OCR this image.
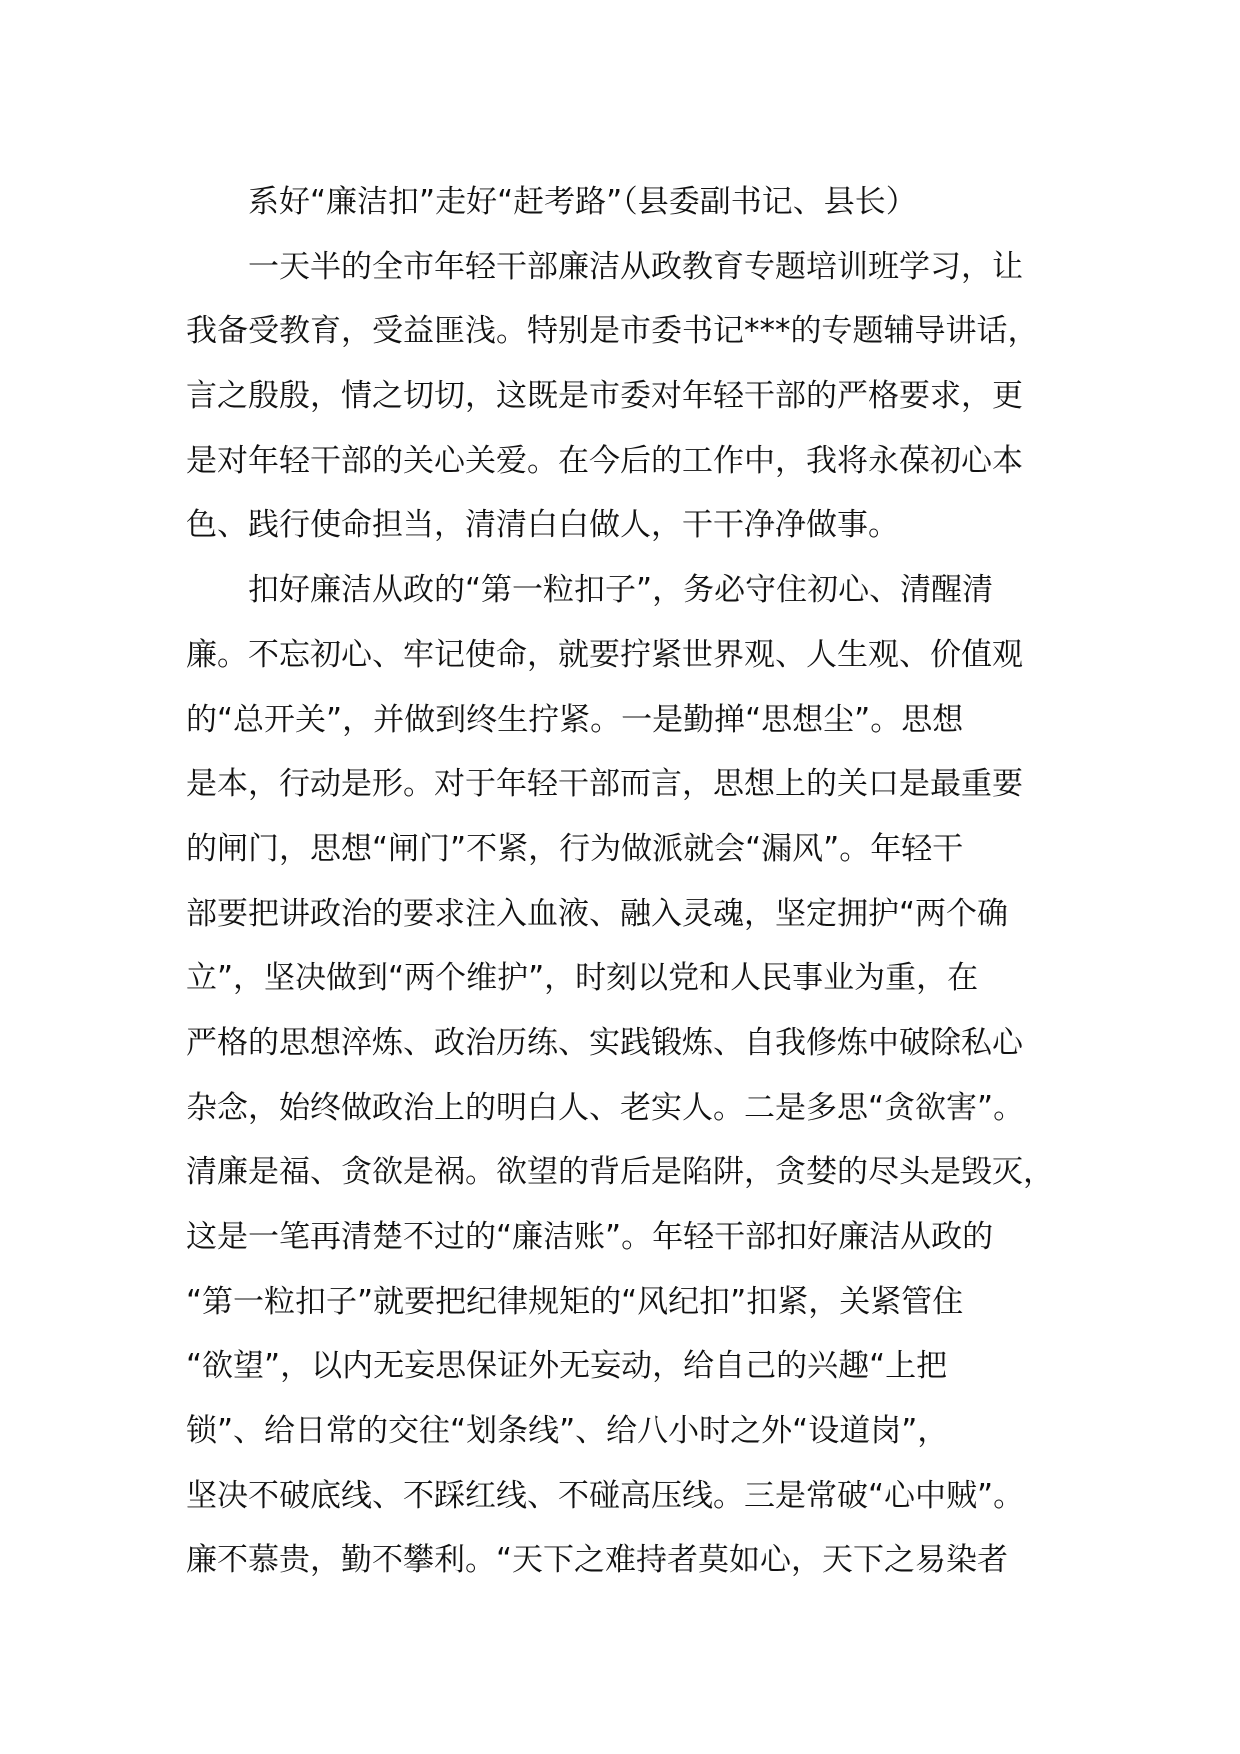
系好“廉洁扣”走好“赶考路”（县委副书记、县长）
一天半的全市年轻干部廉洁从政教育专题培训班学习，让
我备受教育，受益匪浅。特别是市委书记***的专题辅导讲话，
言之殷殷，情之切切，这既是市委对年轻干部的严格要求，更
是对年轻干部的关心关爱。在今后的工作中，我将永葆初心本
色、践行使命担当，清清白白做人，干干净净做事。
扣好廉洁从政的“第一粒扣子”，务必守住初心、清醒清
廉。不忘初心、牢记使命，就要拧紧世界观、人生观、价值观
的“总开关”，并做到终生拧紧。一是勤掸“思想尘”。思想
是本，行动是形。对于年轻干部而言，思想上的关口是最重要
的闸门，思想“闸门”不紧，行为做派就会“漏风”。年轻干
部要把讲政治的要求注入血液、融入灵魂，坚定拥护“两个确
立”，坚决做到“两个维护”，时刻以党和人民事业为重，在
严格的思想淬炼、政治历练、实践锻炼、自我修炼中破除私心
杂念，始终做政治上的明白人、老实人。二是多思“贪欲害”。
清廉是福、贪欲是祸。欲望的背后是陷阱，贪婪的尽头是毁灭，
这是一笔再清楚不过的“廉洁账”。年轻干部扣好廉洁从政的
“第一粒扣子”就要把纪律规矩的“风纪扣”扣紧，关紧管住
“欲望”，以内无妄思保证外无妄动，给自己的兴趣“上把
锁”、给日常的交往“划条线”、给八小时之外“设道岗”，
坚决不破底线、不踩红线、不碰高压线。三是常破“心中贼”。
廉不慕贵，勤不攀利。“天下之难持者莫如心，天下之易染者
